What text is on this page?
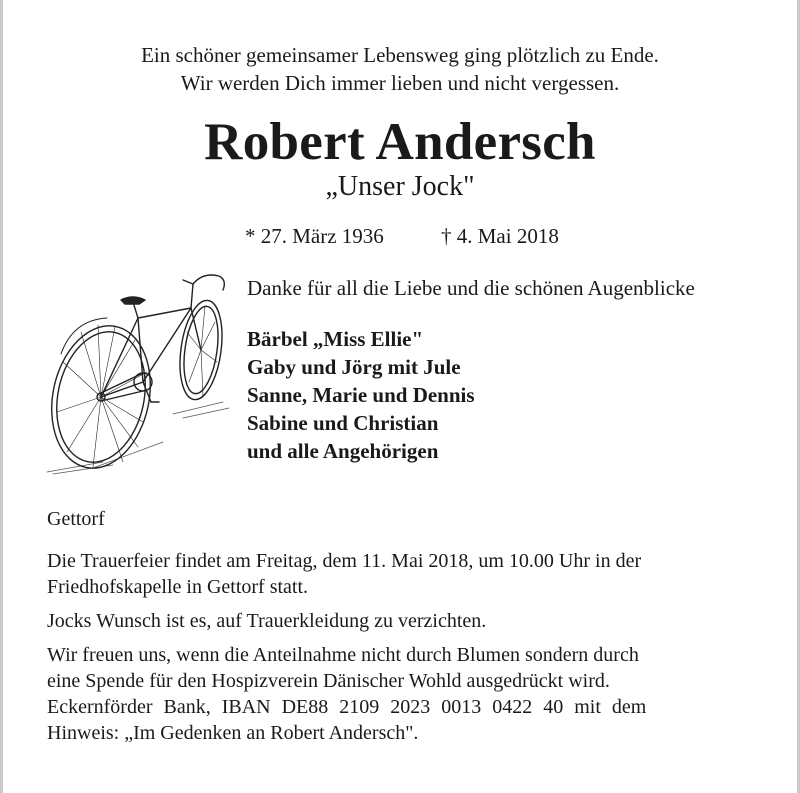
Ein schöner gemeinsamer Lebensweg ging plötzlich zu Ende.
Wir werden Dich immer lieben und nicht vergessen.
Robert Andersch
„Unser Jock"
* 27. März 1936	† 4. Mai 2018
Danke für all die Liebe und die schönen Augenblicke
Bärbel „Miss Ellie"
Gaby und Jörg mit Jule
Sanne, Marie und Dennis
Sabine und Christian
und alle Angehörigen

Gettorf

Die Trauerfeier findet am Freitag, dem 11. Mai 2018, um 10.00 Uhr in der
Friedhofskapelle in Gettorf statt.

Jocks Wunsch ist es, auf Trauerkleidung zu verzichten.

Wir freuen uns, wenn die Anteilnahme nicht durch Blumen sondern durch
eine Spende für den Hospizverein Dänischer Wohld ausgedrückt wird.
Eckernförder Bank, IBAN DE88 2109 2023 0013 0422 40 mit dem
Hinweis: „Im Gedenken an Robert Andersch".
